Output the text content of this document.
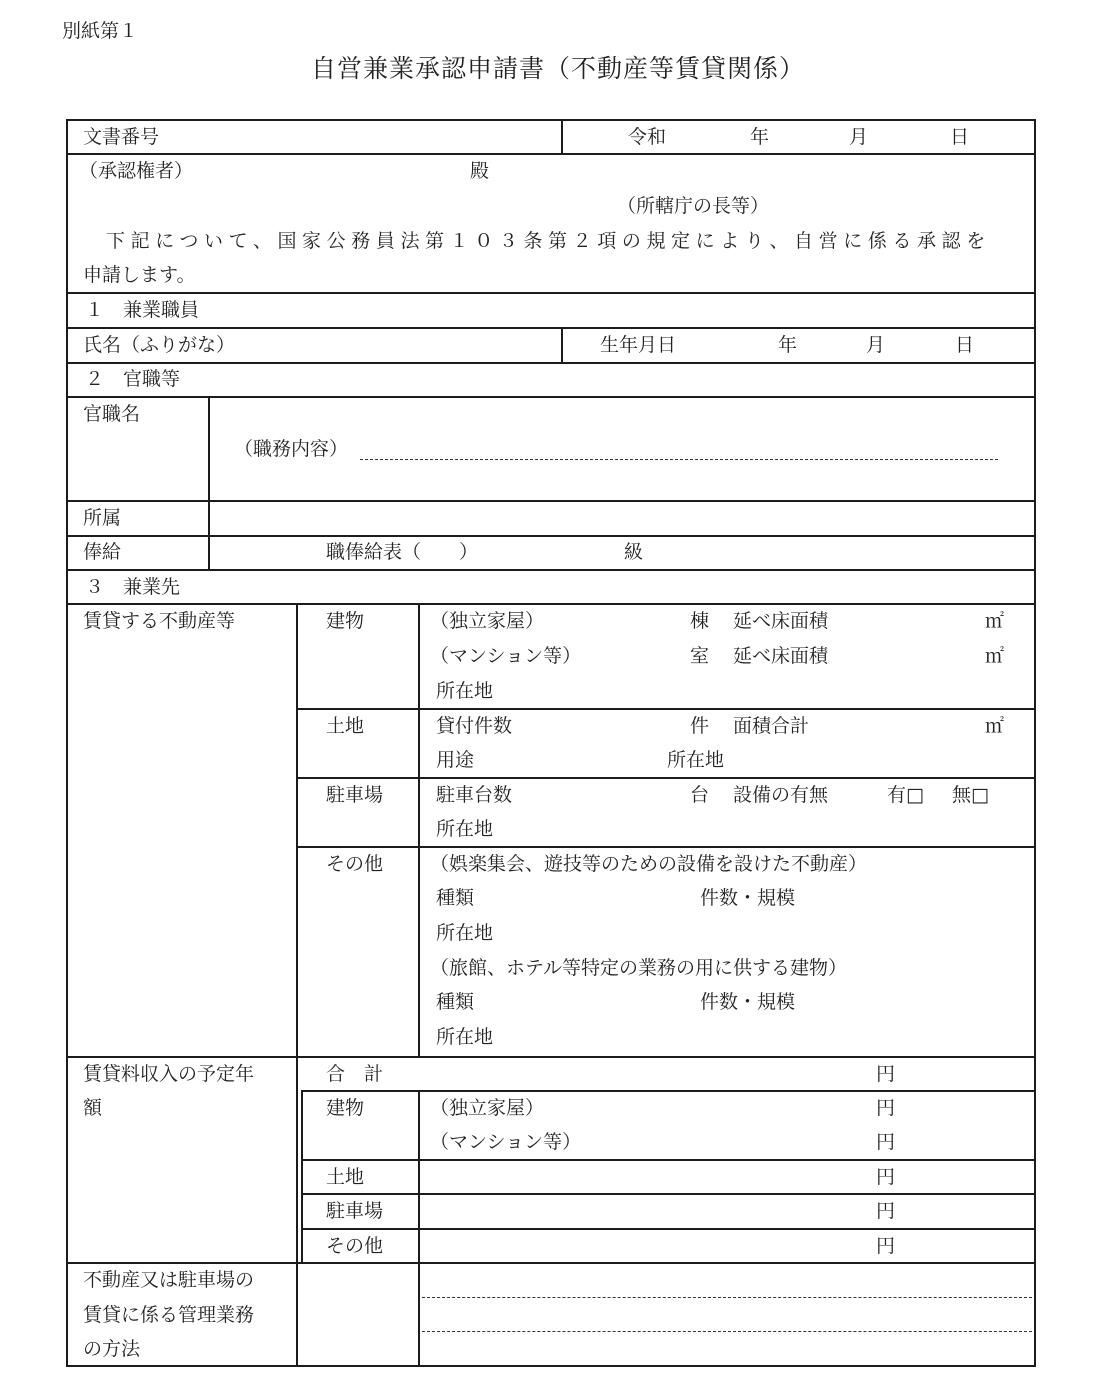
別紙第１
自営兼業承認申請書（不動産等賃貸関係）
文書番号	令和	年	月	日
（承認権者）	殿
（所轄庁の長等）
下記について、国家公務員法第１０３条第２項の規定により、自営に係る承認を
申請します。
１　兼業職員
氏名（ふりがな）	生年月日	年	月	日
２　官職等
官職名
（職務内容）
所属
俸給	職俸給表（　　）	級
３　兼業先
賃貸する不動産等	建物	（独立家屋）	棟 延べ床面積	㎡
（マンション等）	室 延べ床面積	㎡
所在地
土地	貸付件数	件 面積合計	㎡
用途	所在地
駐車場	駐車台数	台 設備の有無	有□ 無□
所在地
その他 （娯楽集会、遊技等のための設備を設けた不動産）
種類	件数・規模
所在地
（旅館、ホテル等特定の業務の用に供する建物）
種類	件数・規模
所在地
賃貸料収入の予定年
額
合　計	円
建物	（独立家屋）	円
（マンション等）	円
土地	円
駐車場	円
その他	円
不動産又は駐車場の
賃貸に係る管理業務
の方法
